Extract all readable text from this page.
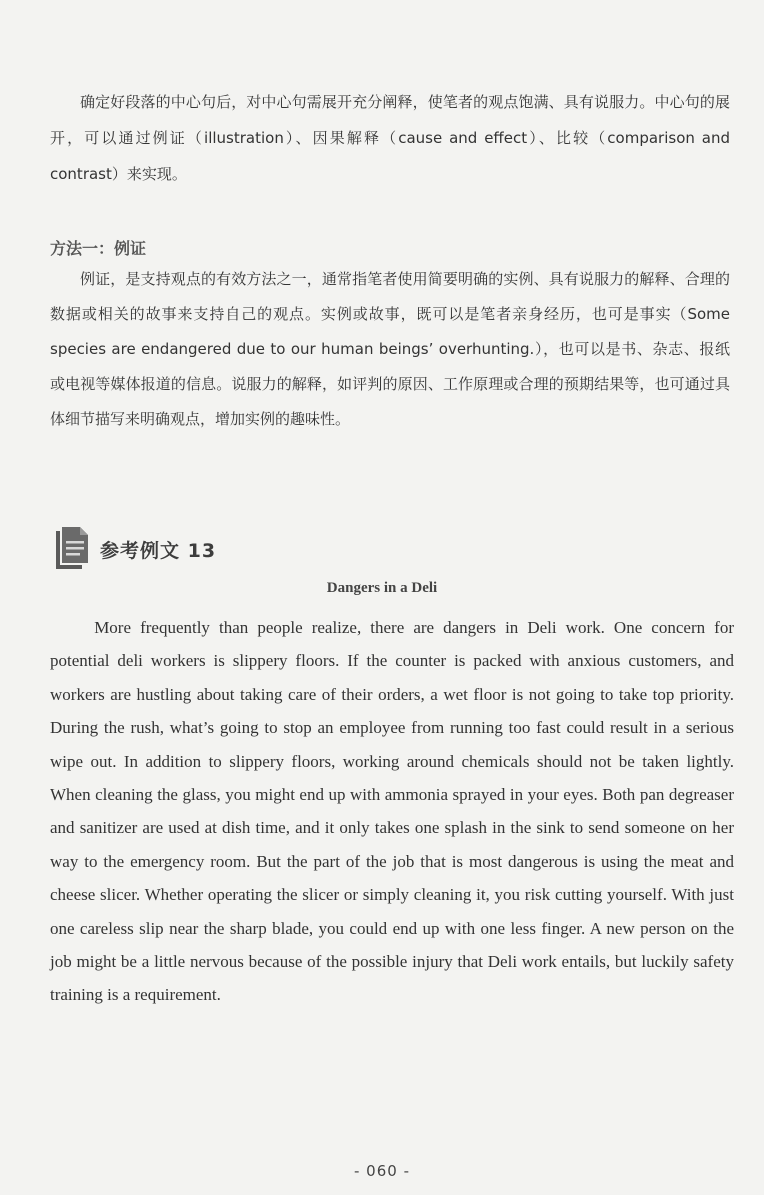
确定好段落的中心句后，对中心句需展开充分阐释，使笔者的观点饱满、具有说服力。中心句的展开，可以通过例证（illustration）、因果解释（cause and effect）、比较（comparison and contrast）来实现。

方法一：例证

例证，是支持观点的有效方法之一，通常指笔者使用简要明确的实例、具有说服力的解释、合理的数据或相关的故事来支持自己的观点。实例或故事，既可以是笔者亲身经历，也可是事实（Some species are endangered due to our human beings’ overhunting.），也可以是书、杂志、报纸或电视等媒体报道的信息。说服力的解释，如评判的原因、工作原理或合理的预期结果等，也可通过具体细节描写来明确观点，增加实例的趣味性。

参考例文 13
Dangers in a Deli

More frequently than people realize, there are dangers in Deli work. One concern for potential deli workers is slippery floors. If the counter is packed with anxious customers, and workers are hustling about taking care of their orders, a wet floor is not going to take top priority. During the rush, what’s going to stop an employee from running too fast could result in a serious wipe out. In addition to slippery floors, working around chemicals should not be taken lightly. When cleaning the glass, you might end up with ammonia sprayed in your eyes. Both pan degreaser and sanitizer are used at dish time, and it only takes one splash in the sink to send someone on her way to the emergency room. But the part of the job that is most dangerous is using the meat and cheese slicer. Whether operating the slicer or simply cleaning it, you risk cutting yourself. With just one careless slip near the sharp blade, you could end up with one less finger. A new person on the job might be a little nervous because of the possible injury that Deli work entails, but luckily safety training is a requirement.

- 060 -
